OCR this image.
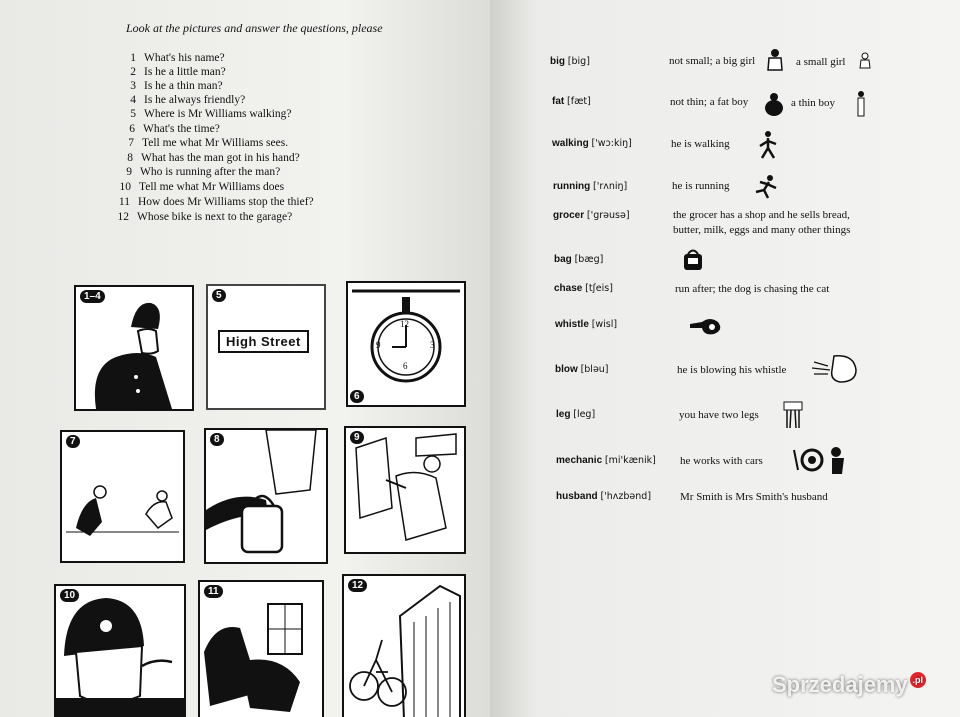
Look at the pictures and answer the questions, please
1 What's his name?
2 Is he a little man?
3 Is he a thin man?
4 Is he always friendly?
5 Where is Mr Williams walking?
6 What's the time?
7 Tell me what Mr Williams sees.
8 What has the man got in his hand?
9 Who is running after the man?
10 Tell me what Mr Williams does
11 How does Mr Williams stop the thief?
12 Whose bike is next to the garage?
1–4	5
High Street
12
3
6
9
6
7	8	9
10	11
12
big [big]	not small; a big girl	a small girl
fat [fæt]	not thin; a fat boy	a thin boy
walking ['wɔ:kiŋ]	he is walking
running ['rʌniŋ]	he is running
grocer ['grəusə]	the grocer has a shop and he sells bread,
butter, milk, eggs and many other things
bag [bæg]
chase [tʃeis]	run after; the dog is chasing the cat
whistle [wisl]
blow [bləu]	he is blowing his whistle
leg [leg]	you have two legs
mechanic [mi'kænik] he works with cars
husband ['hʌzbənd]	Mr Smith is Mrs Smith's husband
Sprzedajemy .pl
